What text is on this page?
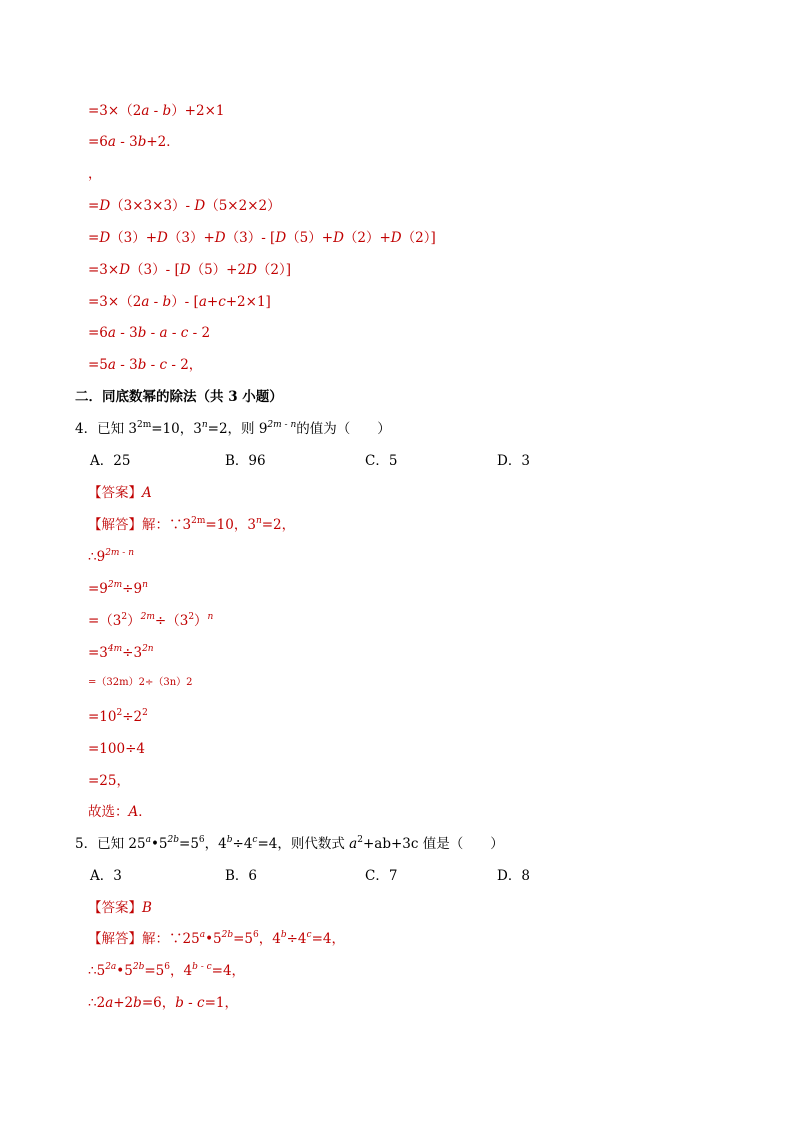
=3×（2a - b）+2×1
=6a - 3b+2．
，
=D（3×3×3）- D（5×2×2）
=D（3）+D（3）+D（3）- [D（5）+D（2）+D（2）]
=3×D（3）- [D（5）+2D（2）]
=3×（2a - b）- [a+c+2×1]
=6a - 3b - a - c - 2
=5a - 3b - c - 2，
二．同底数幂的除法（共 3 小题）
4．已知 $3^{2m}=10$，$3^n=2$，则 $9^{2m - n}$的值为（　　）
A．25	B．96	C．5	D．3
【答案】A
【解答】解：$\because 3^{2m}=10$，$3^n=2$，
$\therefore 9^{2m - n}$
$=9^{2m}\div 9^n$
$=(3^2)^{2m}\div(3^2)^n$
$=3^{4m}\div 3^{2n}$
=（32m）2÷（3n）2
$=10^2\div 2^2$
=100÷4
=25，
故选：A．
5．已知 $25^a•5^{2b}=5^6$，$4^b\div 4^c=4$，则代数式 $a^2+ab+3c$ 值是（　　）
A．3	B．6	C．7	D．8
【答案】B
【解答】解：$\because 25^a•5^{2b}=5^6$，$4^b\div 4^c=4$，
$\therefore 5^{2a}•5^{2b}=5^6$，$4^{b - c}=4$，
∴2a+2b=6，b - c=1，
